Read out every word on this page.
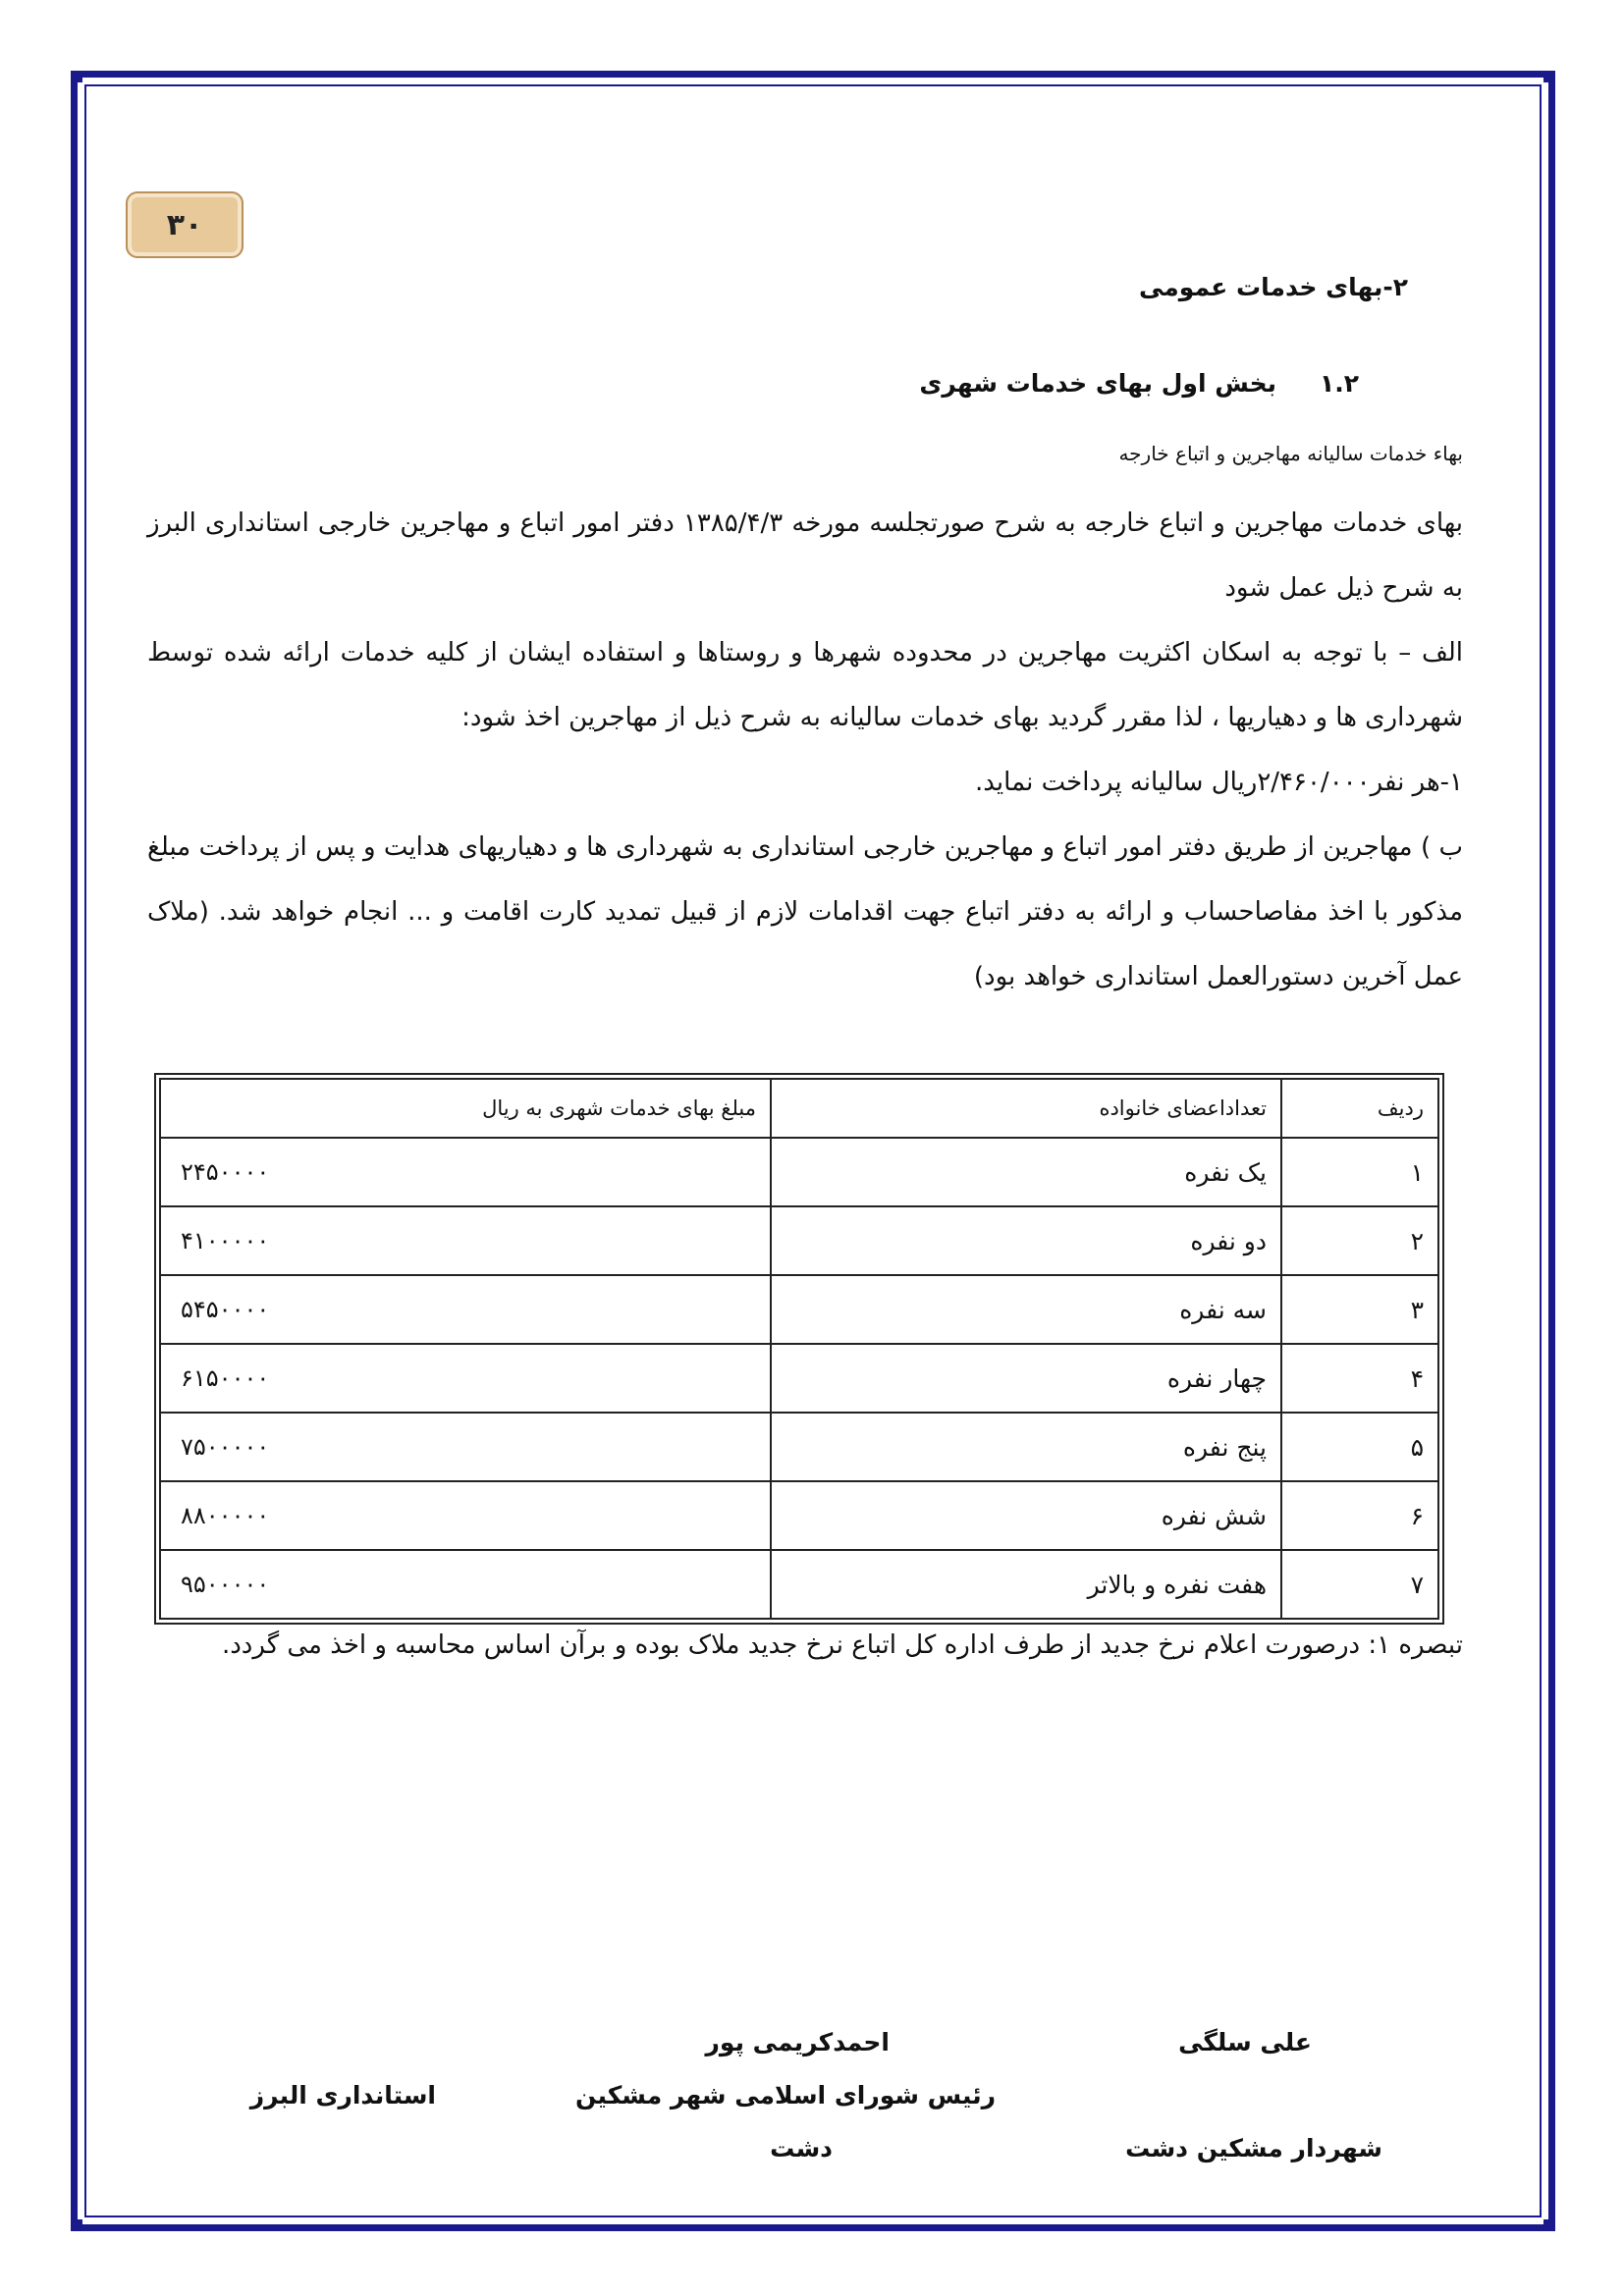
۳۰
۲-بهای خدمات عمومی
۱.۲بخش اول بهای خدمات شهری
بهاء خدمات سالیانه مهاجرین و اتباع خارجه

بهای خدمات مهاجرین و اتباع خارجه به شرح صورتجلسه مورخه ۱۳۸۵/۴/۳ دفتر امور اتباع و مهاجرین خارجی استانداری البرز به شرح ذیل عمل شود

الف – با توجه به اسکان اکثریت مهاجرین در محدوده شهرها و روستاها و استفاده ایشان از کلیه خدمات ارائه شده توسط شهرداری ها و دهیاریها ، لذا مقرر گردید بهای خدمات سالیانه به شرح ذیل از مهاجرین اخذ شود:

۱-هر نفر۲/۴۶۰/۰۰۰ریال سالیانه پرداخت نماید.

ب ) مهاجرین از طریق دفتر امور اتباع و مهاجرین خارجی استانداری به شهرداری ها و دهیاریهای هدایت و پس از پرداخت مبلغ مذکور با اخذ مفاصاحساب و ارائه به دفتر اتباع جهت اقدامات لازم از قبیل تمدید کارت اقامت و ... انجام خواهد شد. (ملاک عمل آخرین دستورالعمل استانداری خواهد بود)

ردیف	تعداداعضای خانواده	مبلغ بهای خدمات شهری به ریال
۱	یک نفره	۲۴۵۰۰۰۰
۲	دو نفره	۴۱۰۰۰۰۰
۳	سه نفره	۵۴۵۰۰۰۰
۴	چهار نفره	۶۱۵۰۰۰۰
۵	پنج نفره	۷۵۰۰۰۰۰
۶	شش نفره	۸۸۰۰۰۰۰
۷	هفت نفره و بالاتر	۹۵۰۰۰۰۰

تبصره ۱: درصورت اعلام نرخ جدید از طرف اداره کل اتباع نرخ جدید ملاک بوده و برآن اساس محاسبه و اخذ می گردد.

علی سلگی
شهردار مشکین دشت
احمدکریمی پور
رئیس شورای اسلامی شهر مشکین
دشت
استانداری البرز
